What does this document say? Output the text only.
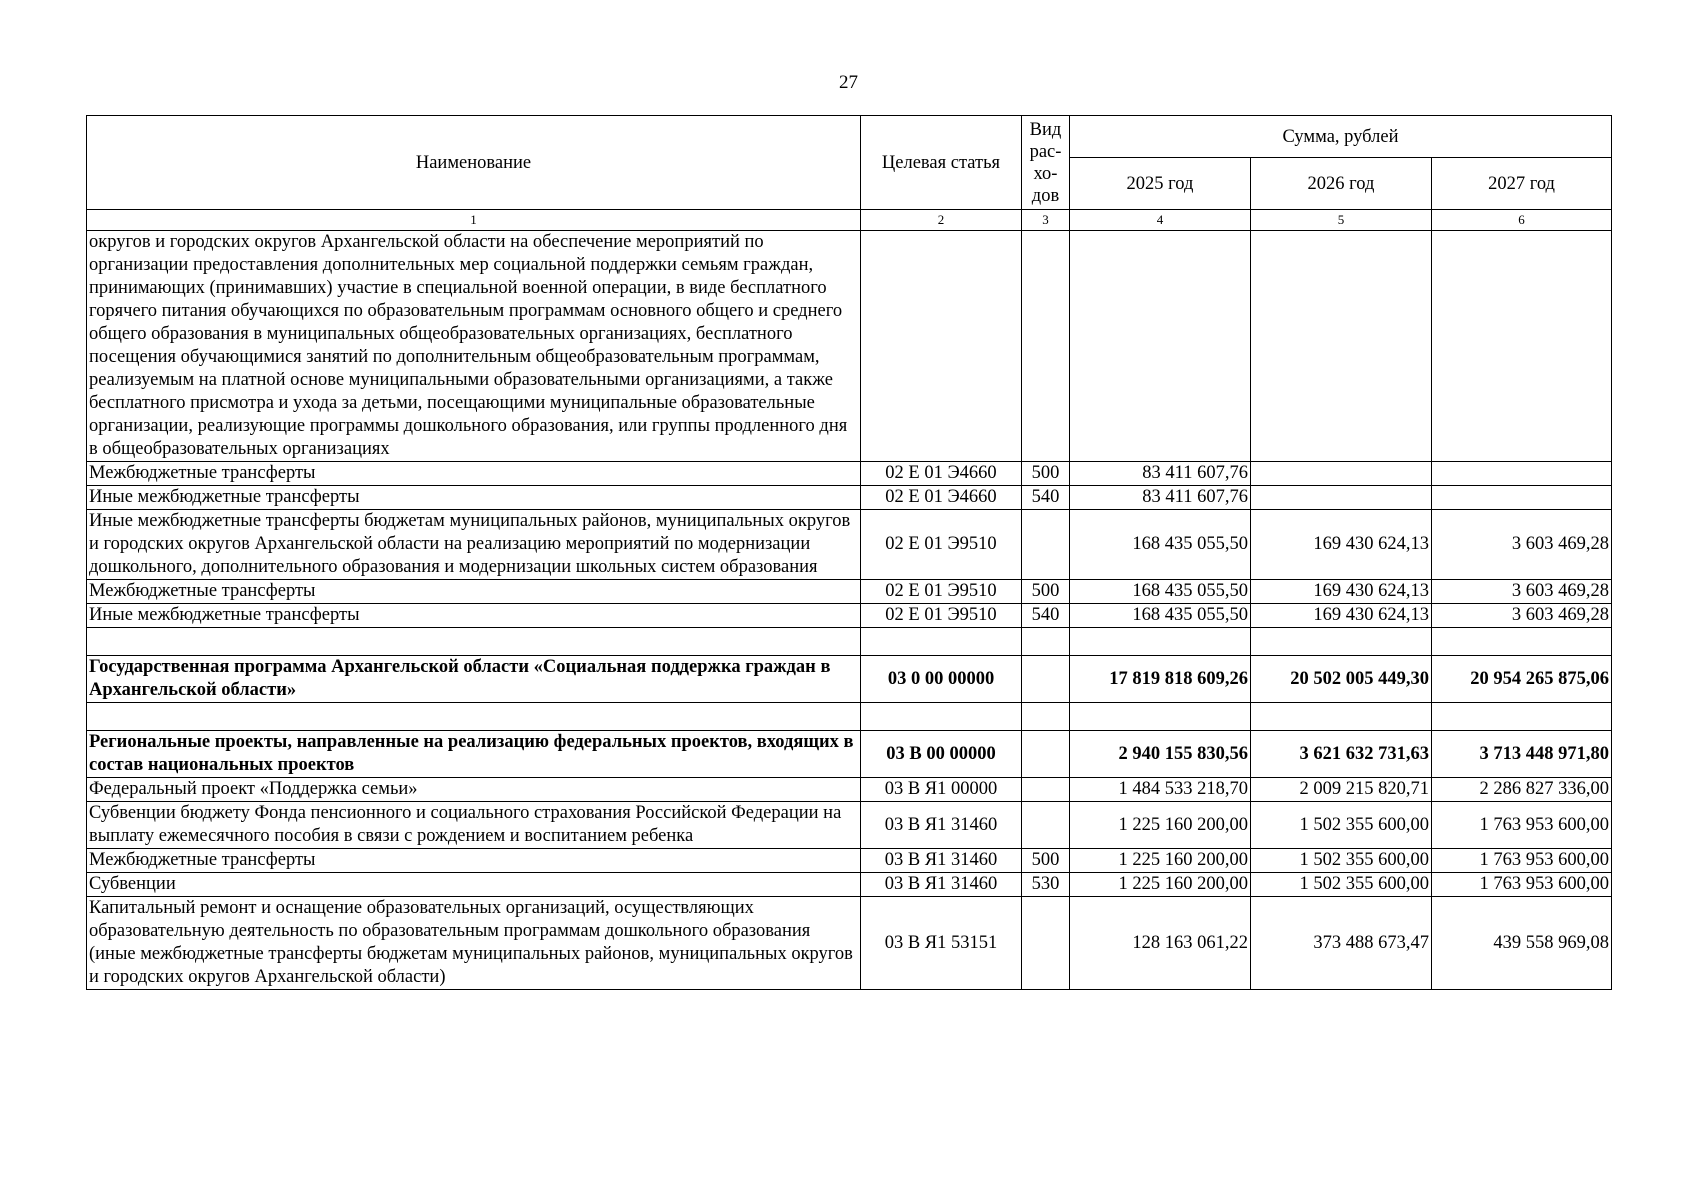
27
Наименование	Целевая статья	Вид рас- хо- дов	Сумма, рублей		
			2025 год	2026 год	2027 год
1	2	3	4	5	6
округов и городских округов Архангельской области на обеспечение мероприятий по организации предоставления дополнительных мер социальной поддержки семьям граждан, принимающих (принимавших) участие в специальной военной операции, в виде бесплатного горячего питания обучающихся по образовательным программам основного общего и среднего общего образования в муниципальных общеобразовательных организациях, бесплатного посещения обучающимися занятий по дополнительным общеобразовательным программам, реализуемым на платной основе муниципальными образовательными организациями, а также бесплатного присмотра и ухода за детьми, посещающими муниципальные образовательные организации, реализующие программы дошкольного образования, или группы продленного дня в общеобразовательных организациях					
Межбюджетные трансферты	02 Е 01 Э4660	500	83 411 607,76		
Иные межбюджетные трансферты	02 Е 01 Э4660	540	83 411 607,76		
Иные межбюджетные трансферты бюджетам муниципальных районов, муниципальных округов и городских округов Архангельской области на реализацию мероприятий по модернизации дошкольного, дополнительного образования и модернизации школьных систем образования	02 Е 01 Э9510		168 435 055,50	169 430 624,13	3 603 469,28
Межбюджетные трансферты	02 Е 01 Э9510	500	168 435 055,50	169 430 624,13	3 603 469,28
Иные межбюджетные трансферты	02 Е 01 Э9510	540	168 435 055,50	169 430 624,13	3 603 469,28

Государственная программа Архангельской области «Социальная поддержка граждан в Архангельской области»	03 0 00 00000		17 819 818 609,26	20 502 005 449,30	20 954 265 875,06

Региональные проекты, направленные на реализацию федеральных проектов, входящих в состав национальных проектов	03 В 00 00000		2 940 155 830,56	3 621 632 731,63	3 713 448 971,80
Федеральный проект «Поддержка семьи»	03 В Я1 00000		1 484 533 218,70	2 009 215 820,71	2 286 827 336,00
Субвенции бюджету Фонда пенсионного и социального страхования Российской Федерации на выплату ежемесячного пособия в связи с рождением и воспитанием ребенка	03 В Я1 31460		1 225 160 200,00	1 502 355 600,00	1 763 953 600,00
Межбюджетные трансферты	03 В Я1 31460	500	1 225 160 200,00	1 502 355 600,00	1 763 953 600,00
Субвенции	03 В Я1 31460	530	1 225 160 200,00	1 502 355 600,00	1 763 953 600,00
Капитальный ремонт и оснащение образовательных организаций, осуществляющих образовательную деятельность по образовательным программам дошкольного образования (иные межбюджетные трансферты бюджетам муниципальных районов, муниципальных округов и городских округов Архангельской области)	03 В Я1 53151		128 163 061,22	373 488 673,47	439 558 969,08
